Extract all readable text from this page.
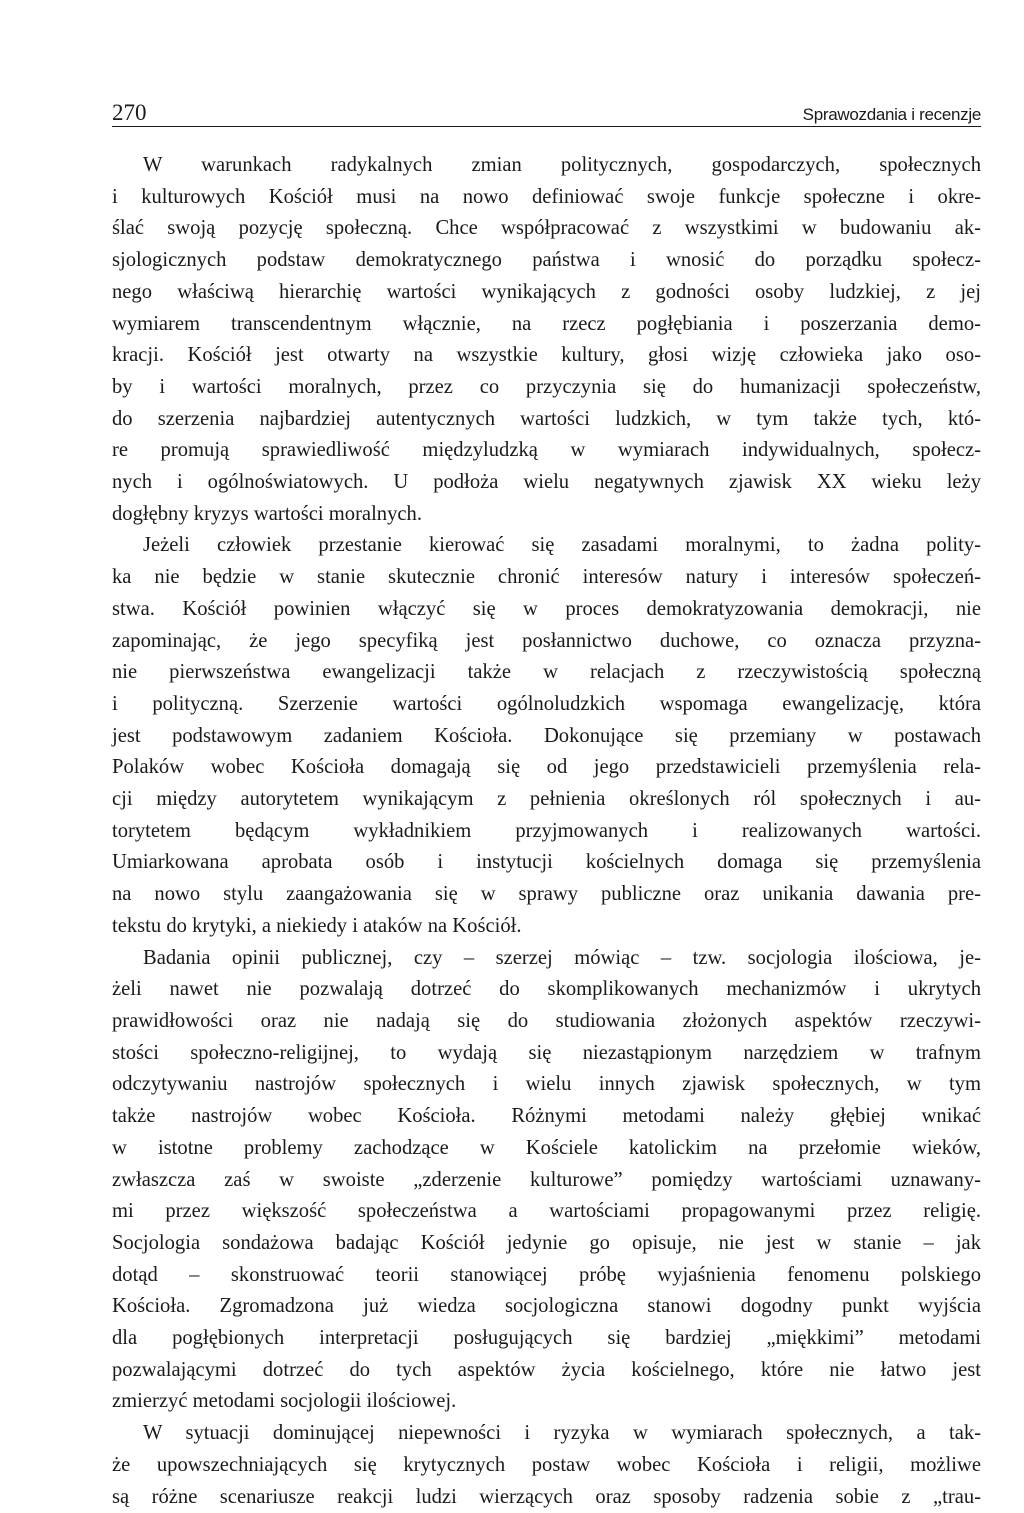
270	Sprawozdania i recenzje

W warunkach radykalnych zmian politycznych, gospodarczych, społecznych
i kulturowych Kościół musi na nowo definiować swoje funkcje społeczne i okre-
ślać swoją pozycję społeczną. Chce współpracować z wszystkimi w budowaniu ak-
sjologicznych podstaw demokratycznego państwa i wnosić do porządku społecz-
nego właściwą hierarchię wartości wynikających z godności osoby ludzkiej, z jej
wymiarem transcendentnym włącznie, na rzecz pogłębiania i poszerzania demo-
kracji. Kościół jest otwarty na wszystkie kultury, głosi wizję człowieka jako oso-
by i wartości moralnych, przez co przyczynia się do humanizacji społeczeństw,
do szerzenia najbardziej autentycznych wartości ludzkich, w tym także tych, któ-
re promują sprawiedliwość międzyludzką w wymiarach indywidualnych, społecz-
nych i ogólnoświatowych. U podłoża wielu negatywnych zjawisk XX wieku leży
dogłębny kryzys wartości moralnych.

Jeżeli człowiek przestanie kierować się zasadami moralnymi, to żadna polity-
ka nie będzie w stanie skutecznie chronić interesów natury i interesów społeczeń-
stwa. Kościół powinien włączyć się w proces demokratyzowania demokracji, nie
zapominając, że jego specyfiką jest posłannictwo duchowe, co oznacza przyzna-
nie pierwszeństwa ewangelizacji także w relacjach z rzeczywistością społeczną
i polityczną. Szerzenie wartości ogólnoludzkich wspomaga ewangelizację, która
jest podstawowym zadaniem Kościoła. Dokonujące się przemiany w postawach
Polaków wobec Kościoła domagają się od jego przedstawicieli przemyślenia rela-
cji między autorytetem wynikającym z pełnienia określonych ról społecznych i au-
torytetem będącym wykładnikiem przyjmowanych i realizowanych wartości.
Umiarkowana aprobata osób i instytucji kościelnych domaga się przemyślenia
na nowo stylu zaangażowania się w sprawy publiczne oraz unikania dawania pre-
tekstu do krytyki, a niekiedy i ataków na Kościół.

Badania opinii publicznej, czy – szerzej mówiąc – tzw. socjologia ilościowa, je-
żeli nawet nie pozwalają dotrzeć do skomplikowanych mechanizmów i ukrytych
prawidłowości oraz nie nadają się do studiowania złożonych aspektów rzeczywi-
stości społeczno-religijnej, to wydają się niezastąpionym narzędziem w trafnym
odczytywaniu nastrojów społecznych i wielu innych zjawisk społecznych, w tym
także nastrojów wobec Kościoła. Różnymi metodami należy głębiej wnikać
w istotne problemy zachodzące w Kościele katolickim na przełomie wieków,
zwłaszcza zaś w swoiste „zderzenie kulturowe” pomiędzy wartościami uznawany-
mi przez większość społeczeństwa a wartościami propagowanymi przez religię.
Socjologia sondażowa badając Kościół jedynie go opisuje, nie jest w stanie – jak
dotąd – skonstruować teorii stanowiącej próbę wyjaśnienia fenomenu polskiego
Kościoła. Zgromadzona już wiedza socjologiczna stanowi dogodny punkt wyjścia
dla pogłębionych interpretacji posługujących się bardziej „miękkimi” metodami
pozwalającymi dotrzeć do tych aspektów życia kościelnego, które nie łatwo jest
zmierzyć metodami socjologii ilościowej.

W sytuacji dominującej niepewności i ryzyka w wymiarach społecznych, a tak-
że upowszechniających się krytycznych postaw wobec Kościoła i religii, możliwe
są różne scenariusze reakcji ludzi wierzących oraz sposoby radzenia sobie z „trau-
